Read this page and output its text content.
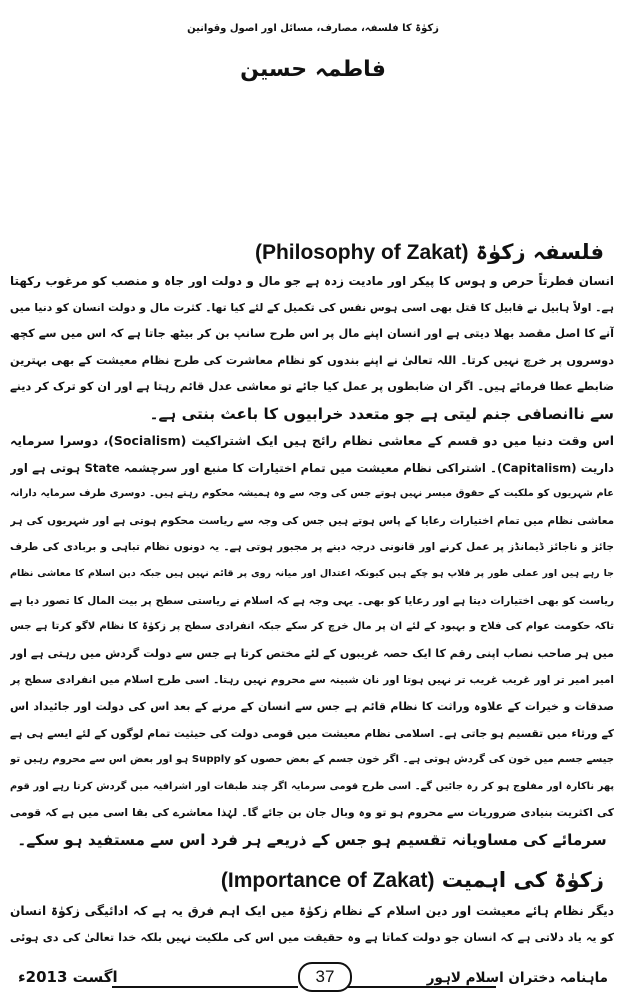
زکوٰۃ کا فلسفہ، مصارف، مسائل اور اصول وقوانین
فاطمہ حسین
فلسفہ زکوٰۃ (Philosophy of Zakat)
انسان فطرتاً حرص و ہوس کا پیکر اور مادیت زدہ ہے جو مال و دولت اور جاہ و منصب کو مرغوب رکھتا
ہے۔ اولاً ہابیل نے قابیل کا قتل بھی اسی ہوس نفس کی تکمیل کے لئے کیا تھا۔ کثرت مال و دولت انسان کو دنیا میں
آنے کا اصل مقصد بھلا دیتی ہے اور انسان اپنے مال پر اس طرح سانپ بن کر بیٹھ جاتا ہے کہ اس میں سے کچھ
دوسروں پر خرچ نہیں کرتا۔ اللہ تعالیٰ نے اپنے بندوں کو نظام معاشرت کی طرح نظام معیشت کے بھی بہترین
ضابطے عطا فرمائے ہیں۔ اگر ان ضابطوں پر عمل کیا جائے تو معاشی عدل قائم رہتا ہے اور ان کو ترک کر دینے
سے ناانصافی جنم لیتی ہے جو متعدد خرابیوں کا باعث بنتی ہے۔
اس وقت دنیا میں دو قسم کے معاشی نظام رائج ہیں ایک اشتراکیت (Socialism)، دوسرا سرمایہ
داریت (Capitalism)۔ اشتراکی نظام معیشت میں تمام اختیارات کا منبع اور سرچشمہ State ہوتی ہے اور
عام شہریوں کو ملکیت کے حقوق میسر نہیں ہوتے جس کی وجہ سے وہ ہمیشہ محکوم رہتے ہیں۔ دوسری طرف سرمایہ دارانہ
معاشی نظام میں تمام اختیارات رعایا کے پاس ہوتے ہیں جس کی وجہ سے ریاست محکوم ہوتی ہے اور شہریوں کی ہر
جائز و ناجائز ڈیمانڈز پر عمل کرنے اور قانونی درجہ دینے پر مجبور ہوتی ہے۔ یہ دونوں نظام تباہی و بربادی کی طرف
جا رہے ہیں اور عملی طور پر فلاپ ہو چکے ہیں کیونکہ اعتدال اور میانہ روی پر قائم نہیں ہیں جبکہ دین اسلام کا معاشی نظام
ریاست کو بھی اختیارات دیتا ہے اور رعایا کو بھی۔ یہی وجہ ہے کہ اسلام نے ریاستی سطح پر بیت المال کا تصور دیا ہے
تاکہ حکومت عوام کی فلاح و بہبود کے لئے ان پر مال خرچ کر سکے جبکہ انفرادی سطح پر زکوٰۃ کا نظام لاگو کرتا ہے جس
میں ہر صاحب نصاب اپنی رقم کا ایک حصہ غریبوں کے لئے مختص کرتا ہے جس سے دولت گردش میں رہتی ہے اور
امیر امیر تر اور غریب غریب تر نہیں ہوتا اور نان شبینہ سے محروم نہیں رہتا۔ اسی طرح اسلام میں انفرادی سطح پر
صدقات و خیرات کے علاوہ وراثت کا نظام قائم ہے جس سے انسان کے مرنے کے بعد اس کی دولت اور جائیداد اس
کے ورثاء میں تقسیم ہو جاتی ہے۔ اسلامی نظام معیشت میں قومی دولت کی حیثیت تمام لوگوں کے لئے ایسے ہی ہے
جیسے جسم میں خون کی گردش ہوتی ہے۔ اگر خون جسم کے بعض حصوں کو Supply ہو اور بعض اس سے محروم رہیں تو
پھر ناکارہ اور مفلوج ہو کر رہ جائیں گے۔ اسی طرح قومی سرمایہ اگر چند طبقات اور اشرافیہ میں گردش کرتا رہے اور قوم
کی اکثریت بنیادی ضروریات سے محروم ہو تو وہ وبال جان بن جائے گا۔ لہٰذا معاشرے کی بقا اسی میں ہے کہ قومی
سرمائے کی مساویانہ تقسیم ہو جس کے ذریعے ہر فرد اس سے مستفید ہو سکے۔
زکوٰۃ کی اہمیت (Importance of Zakat)
دیگر نظام ہائے معیشت اور دین اسلام کے نظام زکوٰۃ میں ایک اہم فرق یہ ہے کہ ادائیگی زکوٰۃ انسان
کو یہ یاد دلاتی ہے کہ انسان جو دولت کماتا ہے وہ حقیقت میں اس کی ملکیت نہیں بلکہ خدا تعالیٰ کی دی ہوئی
ماہنامہ دختران اسلام لاہور
37
اگست 2013ء
